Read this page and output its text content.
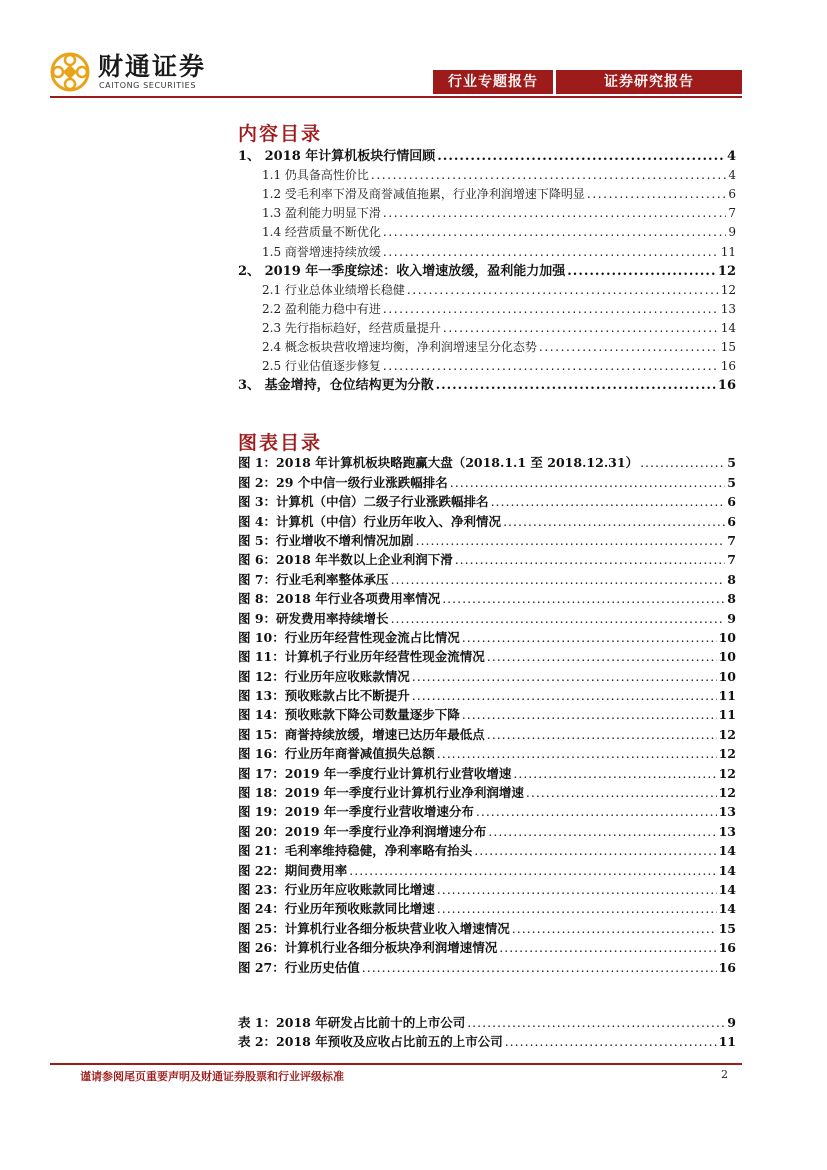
财通证券
CAITONG SECURITIES	行业专题报告	证券研究报告
内容目录
1、 2018 年计算机板块行情回顾 .....	4
1.1 仍具备高性价比 .....	4
1.2 受毛利率下滑及商誉减值拖累，行业净利润增速下降明显 .....	6
1.3 盈利能力明显下滑 .....	7
1.4 经营质量不断优化 .....	9
1.5 商誉增速持续放缓 .....	11
2、 2019 年一季度综述：收入增速放缓，盈利能力加强 .....	12
2.1 行业总体业绩增长稳健 .....	12
2.2 盈利能力稳中有进 .....	13
2.3 先行指标趋好，经营质量提升 .....	14
2.4 概念板块营收增速均衡，净利润增速呈分化态势 .....	15
2.5 行业估值逐步修复 .....	16
3、 基金增持，仓位结构更为分散 .....	16
图表目录
图 1：2018 年计算机板块略跑赢大盘（2018.1.1 至 2018.12.31） .....	5
图 2：29 个中信一级行业涨跌幅排名 .....	5
图 3：计算机（中信）二级子行业涨跌幅排名 .....	6
图 4：计算机（中信）行业历年收入、净利情况 .....	6
图 5：行业增收不增利情况加剧 .....	7
图 6：2018 年半数以上企业利润下滑 .....	7
图 7：行业毛利率整体承压 .....	8
图 8：2018 年行业各项费用率情况 .....	8
图 9：研发费用率持续增长 .....	9
图 10：行业历年经营性现金流占比情况 .....	10
图 11：计算机子行业历年经营性现金流情况 .....	10
图 12：行业历年应收账款情况 .....	10
图 13：预收账款占比不断提升 .....	11
图 14：预收账款下降公司数量逐步下降 .....	11
图 15：商誉持续放缓，增速已达历年最低点 .....	12
图 16：行业历年商誉减值损失总额 .....	12
图 17：2019 年一季度行业计算机行业营收增速 .....	12
图 18：2019 年一季度行业计算机行业净利润增速 .....	12
图 19：2019 年一季度行业营收增速分布 .....	13
图 20：2019 年一季度行业净利润增速分布 .....	13
图 21：毛利率维持稳健，净利率略有抬头 .....	14
图 22：期间费用率 .....	14
图 23：行业历年应收账款同比增速 .....	14
图 24：行业历年预收账款同比增速 .....	14
图 25：计算机行业各细分板块营业收入增速情况 .....	15
图 26：计算机行业各细分板块净利润增速情况 .....	16
图 27：行业历史估值 .....	16
表 1：2018 年研发占比前十的上市公司 .....	9
表 2：2018 年预收及应收占比前五的上市公司 .....	11
谨请参阅尾页重要声明及财通证券股票和行业评级标准	2
